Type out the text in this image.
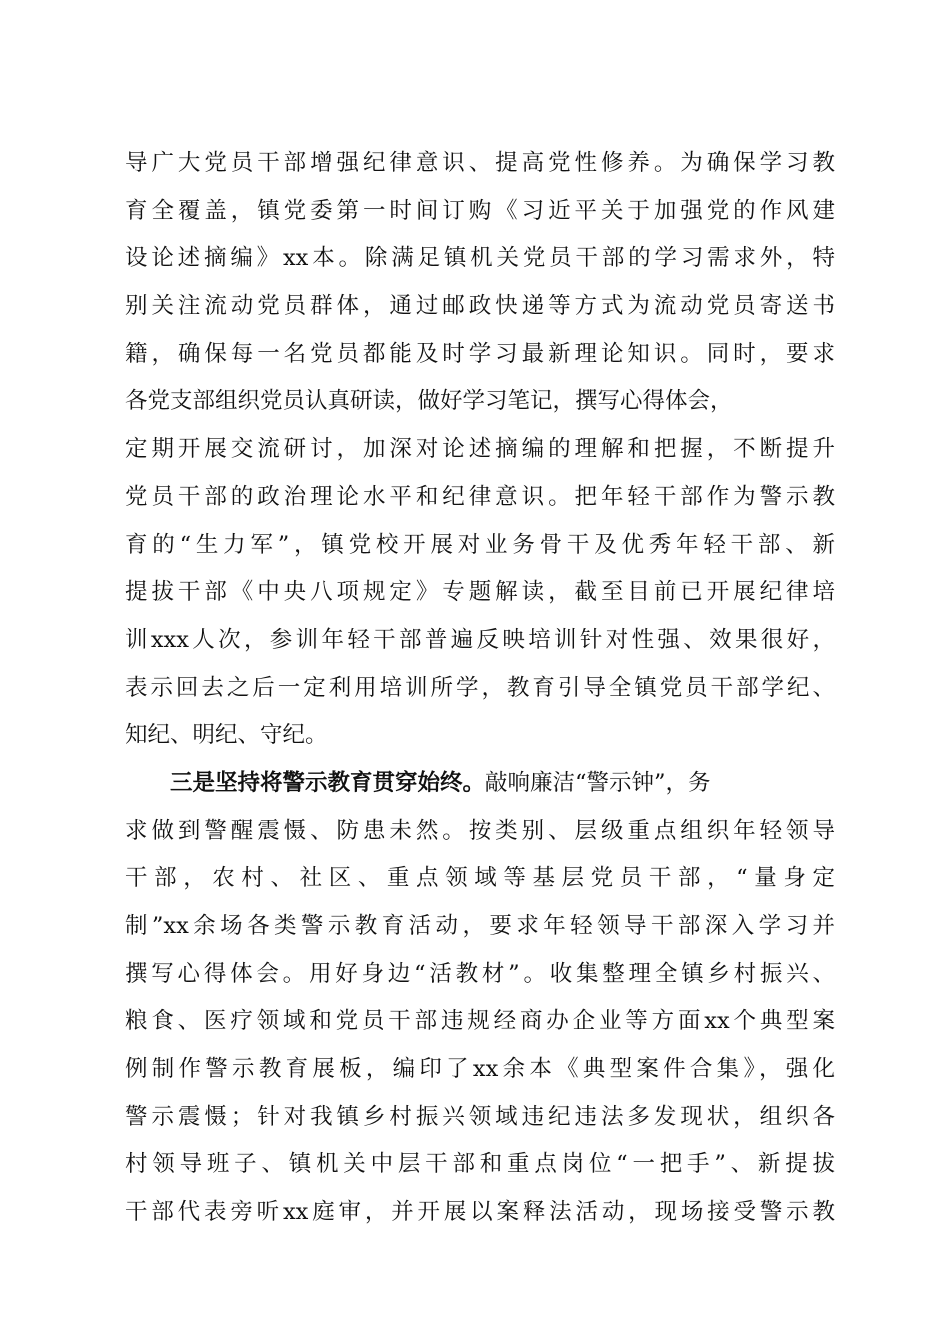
导广大党员干部增强纪律意识、提高党性修养。为确保学习教
育全覆盖，镇党委第一时间订购《习近平关于加强党的作风建
设论述摘编》xx本。除满足镇机关党员干部的学习需求外，特
别关注流动党员群体，通过邮政快递等方式为流动党员寄送书
籍，确保每一名党员都能及时学习最新理论知识。同时，要求
各党支部组织党员认真研读，做好学习笔记，撰写心得体会，
定期开展交流研讨，加深对论述摘编的理解和把握，不断提升
党员干部的政治理论水平和纪律意识。把年轻干部作为警示教
育的“生力军”，镇党校开展对业务骨干及优秀年轻干部、新
提拔干部《中央八项规定》专题解读，截至目前已开展纪律培
训xxx人次，参训年轻干部普遍反映培训针对性强、效果很好，
表示回去之后一定利用培训所学，教育引导全镇党员干部学纪、
知纪、明纪、守纪。
三是坚持将警示教育贯穿始终。敲响廉洁“警示钟”，务
求做到警醒震慑、防患未然。按类别、层级重点组织年轻领导
干部，农村、社区、重点领域等基层党员干部，“量身定
制”xx余场各类警示教育活动，要求年轻领导干部深入学习并
撰写心得体会。用好身边“活教材”。收集整理全镇乡村振兴、
粮食、医疗领域和党员干部违规经商办企业等方面xx个典型案
例制作警示教育展板，编印了xx余本《典型案件合集》，强化
警示震慑；针对我镇乡村振兴领域违纪违法多发现状，组织各
村领导班子、镇机关中层干部和重点岗位“一把手”、新提拔
干部代表旁听xx庭审，并开展以案释法活动，现场接受警示教
